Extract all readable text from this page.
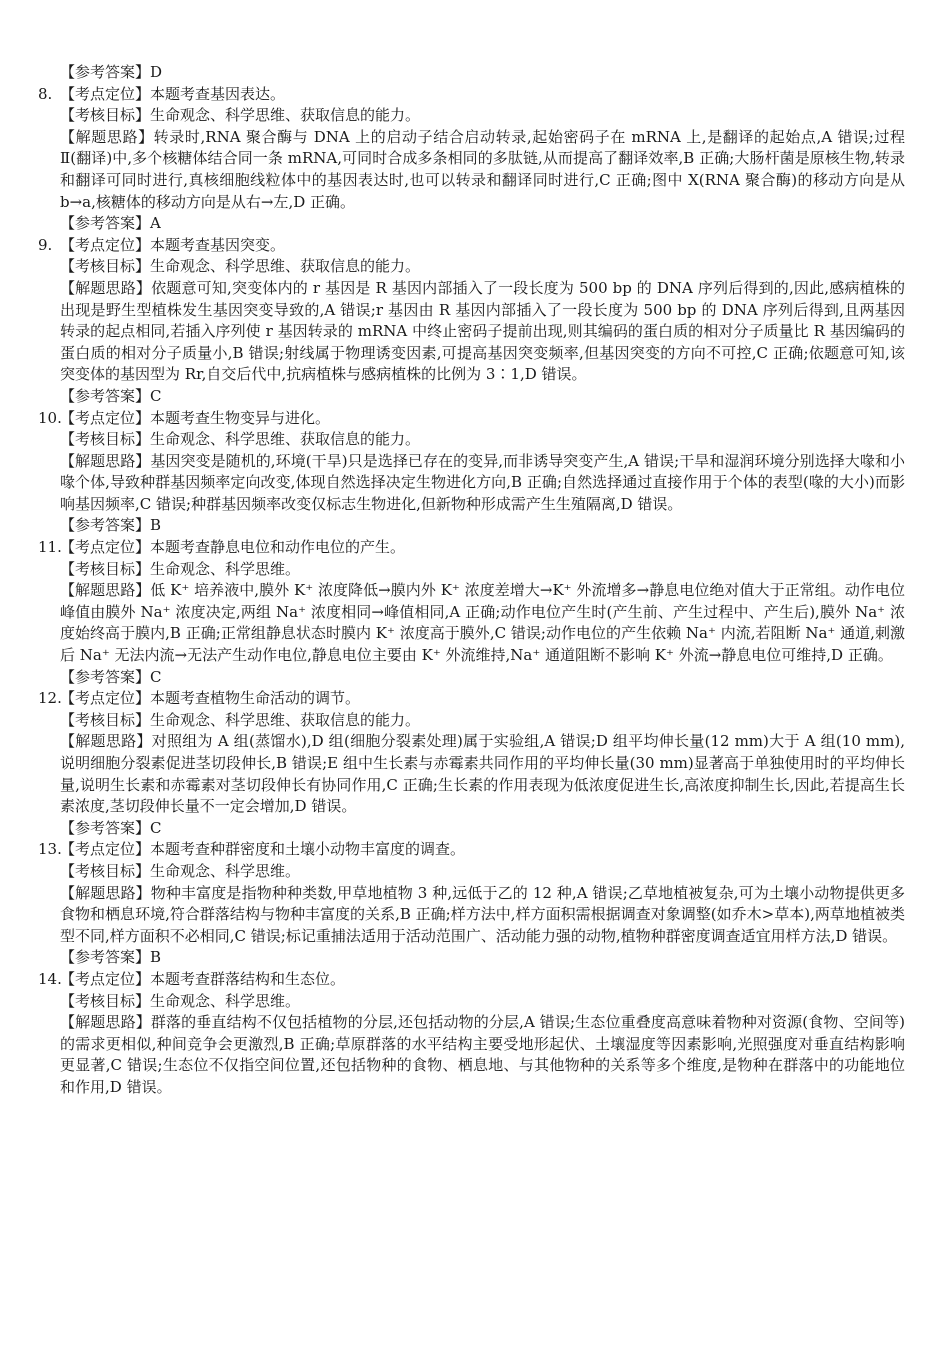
【参考答案】D

8. 【考点定位】本题考查基因表达。

【考核目标】生命观念、科学思维、获取信息的能力。

【解题思路】转录时,RNA 聚合酶与 DNA 上的启动子结合启动转录,起始密码子在 mRNA 上,是翻译的起始点,A 错误;过程Ⅱ(翻译)中,多个核糖体结合同一条 mRNA,可同时合成多条相同的多肽链,从而提高了翻译效率,B 正确;大肠杆菌是原核生物,转录和翻译可同时进行,真核细胞线粒体中的基因表达时,也可以转录和翻译同时进行,C 正确;图中 X(RNA 聚合酶)的移动方向是从 b→a,核糖体的移动方向是从右→左,D 正确。

【参考答案】A

9. 【考点定位】本题考查基因突变。

【考核目标】生命观念、科学思维、获取信息的能力。

【解题思路】依题意可知,突变体内的 r 基因是 R 基因内部插入了一段长度为 500 bp 的 DNA 序列后得到的,因此,感病植株的出现是野生型植株发生基因突变导致的,A 错误;r 基因由 R 基因内部插入了一段长度为 500 bp 的 DNA 序列后得到,且两基因转录的起点相同,若插入序列使 r 基因转录的 mRNA 中终止密码子提前出现,则其编码的蛋白质的相对分子质量比 R 基因编码的蛋白质的相对分子质量小,B 错误;射线属于物理诱变因素,可提高基因突变频率,但基因突变的方向不可控,C 正确;依题意可知,该突变体的基因型为 Rr,自交后代中,抗病植株与感病植株的比例为 3∶1,D 错误。

【参考答案】C

10.

【考点定位】本题考查生物变异与进化。

【考核目标】生命观念、科学思维、获取信息的能力。

【解题思路】基因突变是随机的,环境(干旱)只是选择已存在的变异,而非诱导突变产生,A 错误;干旱和湿润环境分别选择大喙和小喙个体,导致种群基因频率定向改变,体现自然选择决定生物进化方向,B 正确;自然选择通过直接作用于个体的表型(喙的大小)而影响基因频率,C 错误;种群基因频率改变仅标志生物进化,但新物种形成需产生生殖隔离,D 错误。

【参考答案】B

11.

【考点定位】本题考查静息电位和动作电位的产生。

【考核目标】生命观念、科学思维。

【解题思路】低 K⁺ 培养液中,膜外 K⁺ 浓度降低→膜内外 K⁺ 浓度差增大→K⁺ 外流增多→静息电位绝对值大于正常组。动作电位峰值由膜外 Na⁺ 浓度决定,两组 Na⁺ 浓度相同→峰值相同,A 正确;动作电位产生时(产生前、产生过程中、产生后),膜外 Na⁺ 浓度始终高于膜内,B 正确;正常组静息状态时膜内 K⁺ 浓度高于膜外,C 错误;动作电位的产生依赖 Na⁺ 内流,若阻断 Na⁺ 通道,刺激后 Na⁺ 无法内流→无法产生动作电位,静息电位主要由 K⁺ 外流维持,Na⁺ 通道阻断不影响 K⁺ 外流→静息电位可维持,D 正确。

【参考答案】C

12.

【考点定位】本题考查植物生命活动的调节。

【考核目标】生命观念、科学思维、获取信息的能力。

【解题思路】对照组为 A 组(蒸馏水),D 组(细胞分裂素处理)属于实验组,A 错误;D 组平均伸长量(12 mm)大于 A 组(10 mm),说明细胞分裂素促进茎切段伸长,B 错误;E 组中生长素与赤霉素共同作用的平均伸长量(30 mm)显著高于单独使用时的平均伸长量,说明生长素和赤霉素对茎切段伸长有协同作用,C 正确;生长素的作用表现为低浓度促进生长,高浓度抑制生长,因此,若提高生长素浓度,茎切段伸长量不一定会增加,D 错误。

【参考答案】C

13.

【考点定位】本题考查种群密度和土壤小动物丰富度的调查。

【考核目标】生命观念、科学思维。

【解题思路】物种丰富度是指物种种类数,甲草地植物 3 种,远低于乙的 12 种,A 错误;乙草地植被复杂,可为土壤小动物提供更多食物和栖息环境,符合群落结构与物种丰富度的关系,B 正确;样方法中,样方面积需根据调查对象调整(如乔木>草本),两草地植被类型不同,样方面积不必相同,C 错误;标记重捕法适用于活动范围广、活动能力强的动物,植物种群密度调查适宜用样方法,D 错误。

【参考答案】B

14.

【考点定位】本题考查群落结构和生态位。

【考核目标】生命观念、科学思维。

【解题思路】群落的垂直结构不仅包括植物的分层,还包括动物的分层,A 错误;生态位重叠度高意味着物种对资源(食物、空间等)的需求更相似,种间竞争会更激烈,B 正确;草原群落的水平结构主要受地形起伏、土壤湿度等因素影响,光照强度对垂直结构影响更显著,C 错误;生态位不仅指空间位置,还包括物种的食物、栖息地、与其他物种的关系等多个维度,是物种在群落中的功能地位和作用,D 错误。
